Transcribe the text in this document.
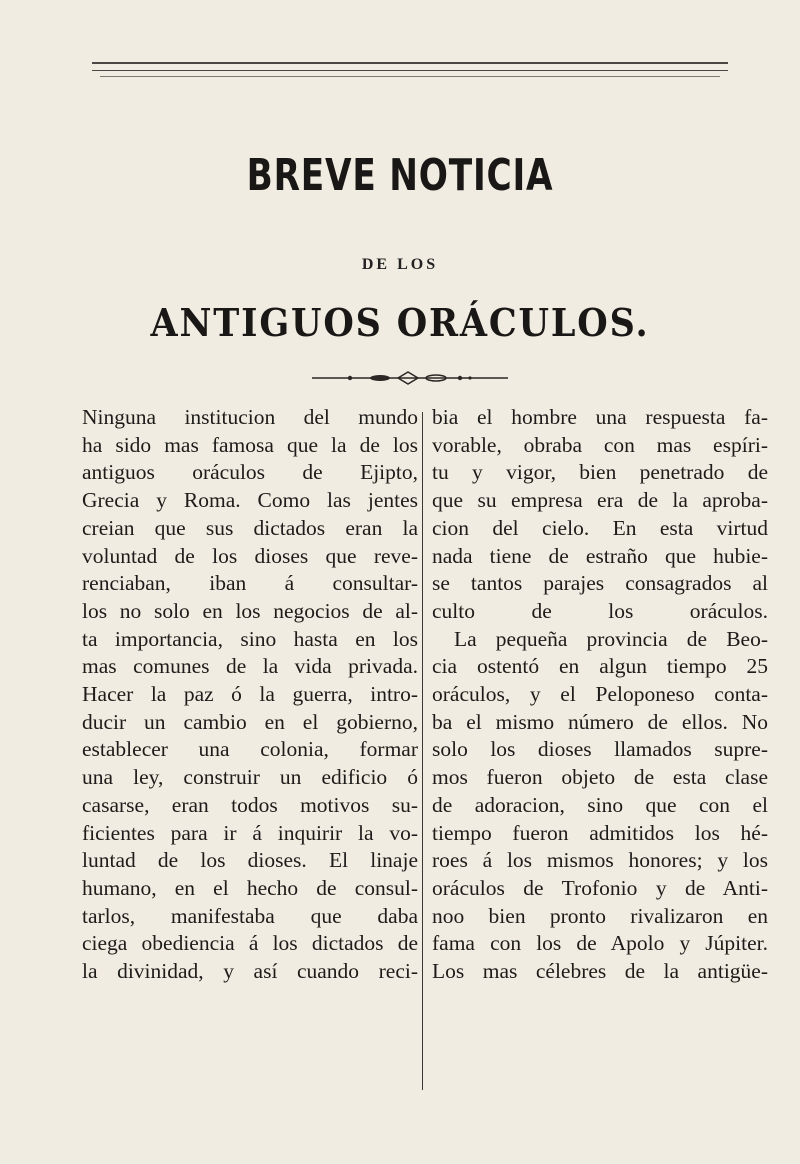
BREVE NOTICIA
DE LOS
ANTIGUOS ORÁCULOS.
Ninguna institucion del mundo
ha sido mas famosa que la de los
antiguos oráculos de Ejipto,
Grecia y Roma. Como las jentes
creian que sus dictados eran la
voluntad de los dioses que reve-
renciaban, iban á consultar-
los no solo en los negocios de al-
ta importancia, sino hasta en los
mas comunes de la vida privada.
Hacer la paz ó la guerra, intro-
ducir un cambio en el gobierno,
establecer una colonia, formar
una ley, construir un edificio ó
casarse, eran todos motivos su-
ficientes para ir á inquirir la vo-
luntad de los dioses. El linaje
humano, en el hecho de consul-
tarlos, manifestaba que daba
ciega obediencia á los dictados de
la divinidad, y así cuando reci-
bia el hombre una respuesta fa-
vorable, obraba con mas espíri-
tu y vigor, bien penetrado de
que su empresa era de la aproba-
cion del cielo. En esta virtud
nada tiene de estraño que hubie-
se tantos parajes consagrados al
culto de los oráculos.
La pequeña provincia de Beo-
cia ostentó en algun tiempo 25
oráculos, y el Peloponeso conta-
ba el mismo número de ellos. No
solo los dioses llamados supre-
mos fueron objeto de esta clase
de adoracion, sino que con el
tiempo fueron admitidos los hé-
roes á los mismos honores; y los
oráculos de Trofonio y de Anti-
noo bien pronto rivalizaron en
fama con los de Apolo y Júpiter.
Los mas célebres de la antigüe-
